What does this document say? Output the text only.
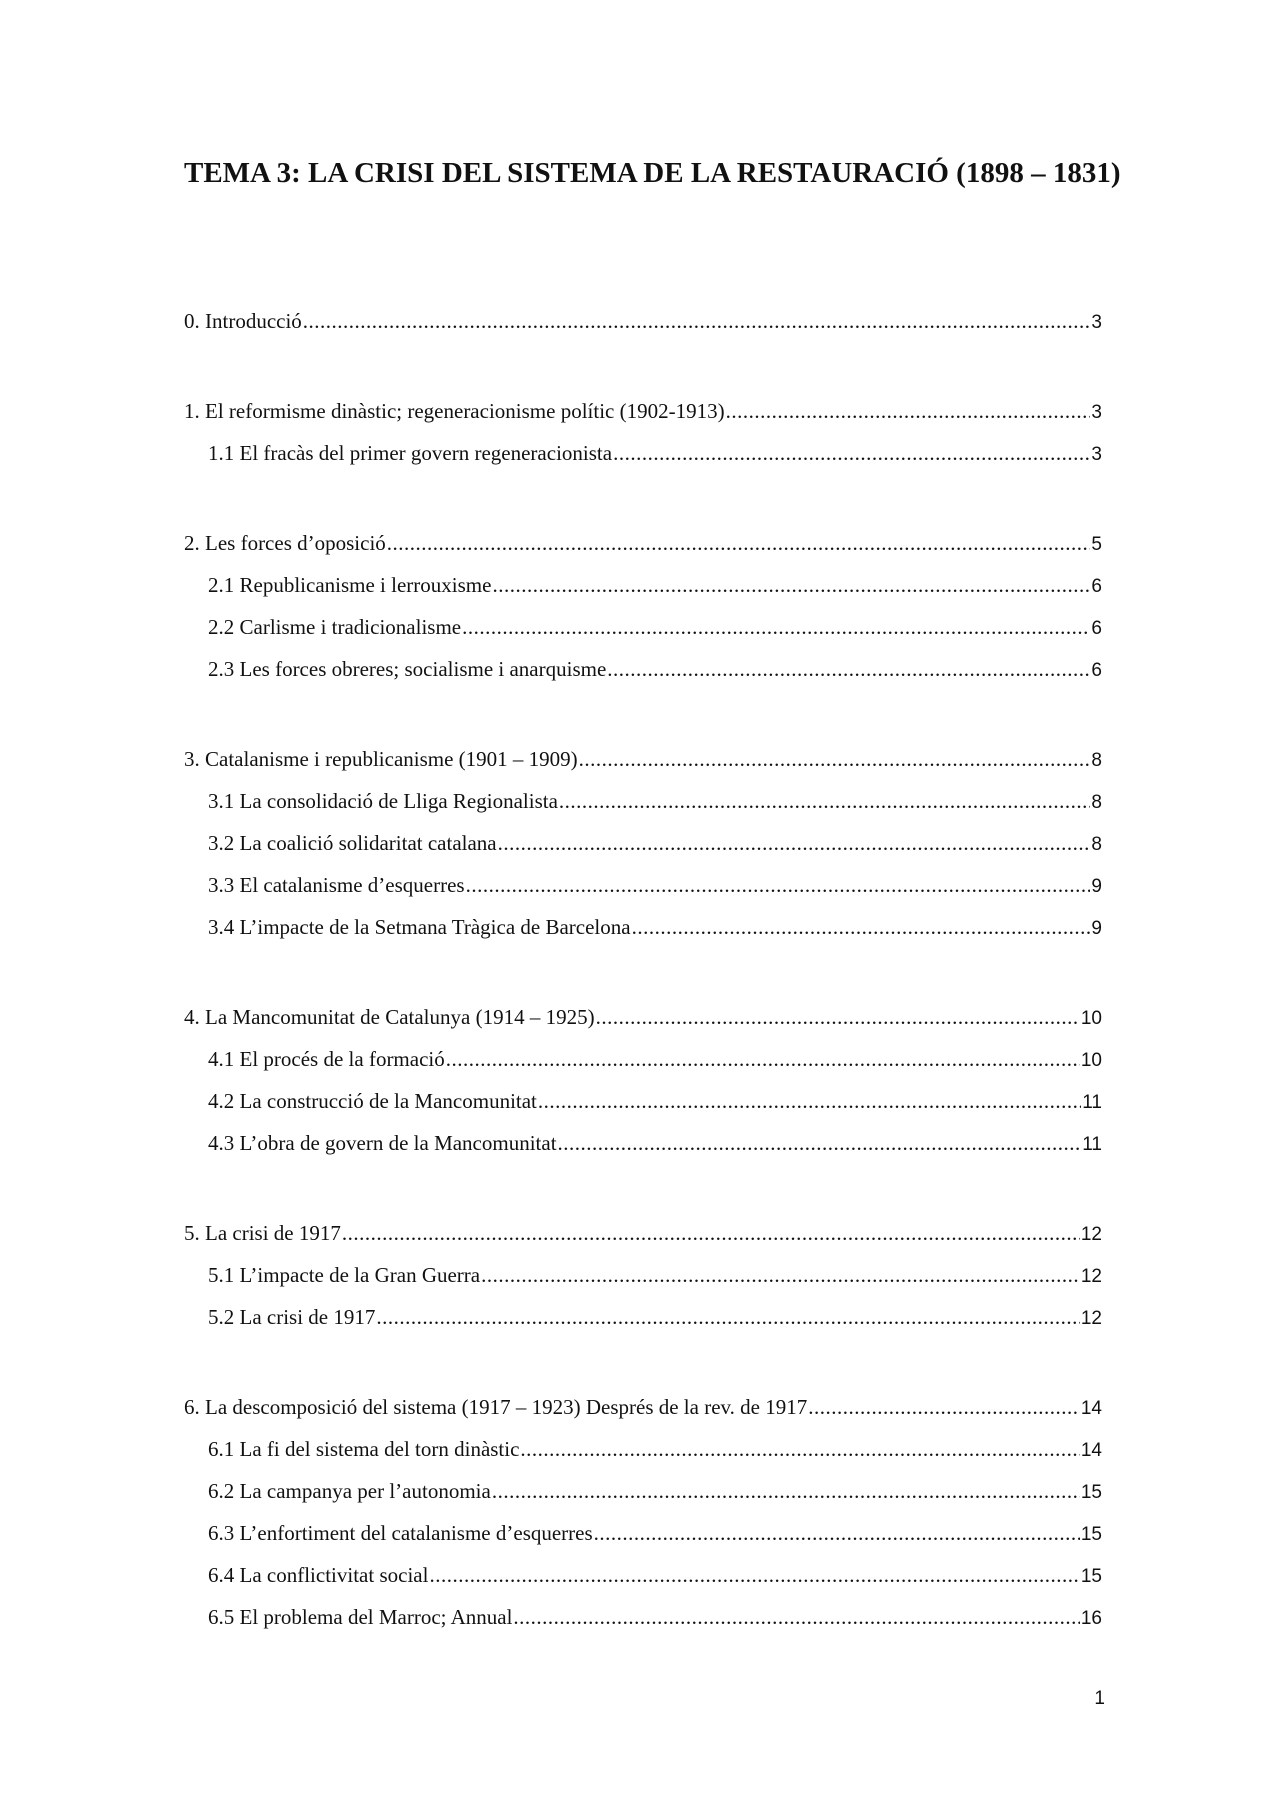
TEMA 3: LA CRISI DEL SISTEMA DE LA RESTAURACIÓ (1898 – 1831)
0. Introducció .....	3
1. El reformisme dinàstic; regeneracionisme polític (1902-1913) .....	3
1.1 El fracàs del primer govern regeneracionista .....	3
2. Les forces d’oposició .....	5
2.1 Republicanisme i lerrouxisme .....	6
2.2 Carlisme i tradicionalisme .....	6
2.3 Les forces obreres; socialisme i anarquisme .....	6
3. Catalanisme i republicanisme (1901 – 1909) .....	8
3.1 La consolidació de Lliga Regionalista .....	8
3.2 La coalició solidaritat catalana .....	8
3.3 El catalanisme d’esquerres .....	9
3.4 L’impacte de la Setmana Tràgica de Barcelona .....	9
4. La Mancomunitat de Catalunya (1914 – 1925) .....	10
4.1 El procés de la formació .....	10
4.2 La construcció de la Mancomunitat .....	11
4.3 L’obra de govern de la Mancomunitat .....	11
5. La crisi de 1917 .....	12
5.1 L’impacte de la Gran Guerra .....	12
5.2 La crisi de 1917 .....	12
6. La descomposició del sistema (1917 – 1923) Després de la rev. de 1917 .....	14
6.1 La fi del sistema del torn dinàstic .....	14
6.2 La campanya per l’autonomia .....	15
6.3 L’enfortiment del catalanisme d’esquerres .....	15
6.4 La conflictivitat social .....	15
6.5 El problema del Marroc; Annual .....	16
1
